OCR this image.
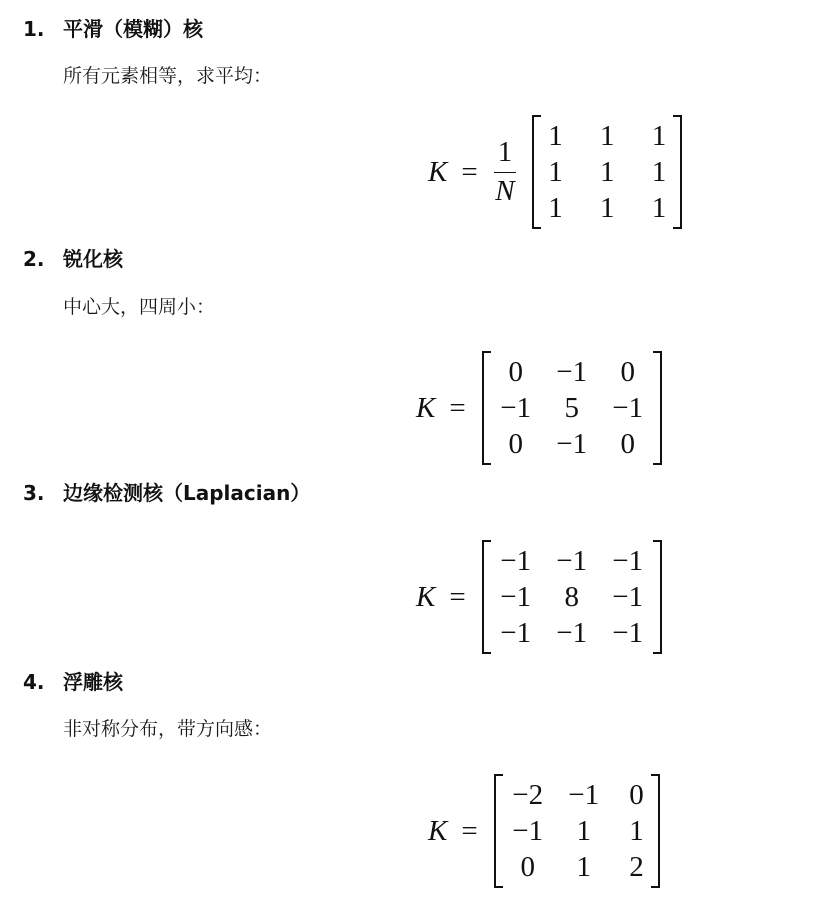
1. 平滑（模糊）核
所有元素相等，求平均：
$K = \frac{1}{N}$
1	1	1
1	1	1
1	1	1
2. 锐化核
中心大，四周小：
K =
0	−1	0
−1	5	−1
0	−1	0
3. 边缘检测核（Laplacian）
K =
−1 −1 −1
−1	8	−1
−1 −1 −1
4. 浮雕核
非对称分布，带方向感：
K =
−2 −1	0
−1	1	1
0	1	2
